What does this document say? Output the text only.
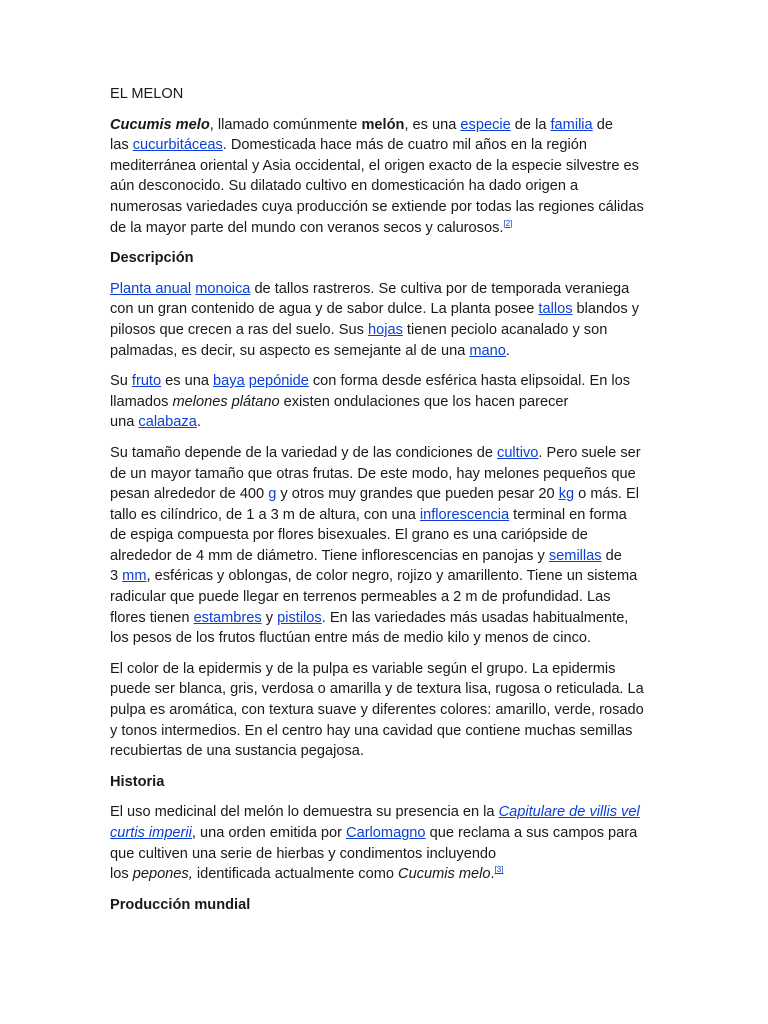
EL MELON
Cucumis melo, llamado comúnmente melón, es una especie de la familia de
las cucurbitáceas. Domesticada hace más de cuatro mil años en la región
mediterránea oriental y Asia occidental, el origen exacto de la especie silvestre es
aún desconocido. Su dilatado cultivo en domesticación ha dado origen a
numerosas variedades cuya producción se extiende por todas las regiones cálidas
de la mayor parte del mundo con veranos secos y calurosos.[2]
Descripción
Planta anual monoica de tallos rastreros. Se cultiva por de temporada veraniega
con un gran contenido de agua y de sabor dulce. La planta posee tallos blandos y
pilosos que crecen a ras del suelo. Sus hojas tienen peciolo acanalado y son
palmadas, es decir, su aspecto es semejante al de una mano.
Su fruto es una baya pepónide con forma desde esférica hasta elipsoidal. En los
llamados melones plátano existen ondulaciones que los hacen parecer
una calabaza.
Su tamaño depende de la variedad y de las condiciones de cultivo. Pero suele ser
de un mayor tamaño que otras frutas. De este modo, hay melones pequeños que
pesan alrededor de 400 g y otros muy grandes que pueden pesar 20 kg o más. El
tallo es cilíndrico, de 1 a 3 m de altura, con una inflorescencia terminal en forma
de espiga compuesta por flores bisexuales. El grano es una cariópside de
alrededor de 4 mm de diámetro. Tiene inflorescencias en panojas y semillas de
3 mm, esféricas y oblongas, de color negro, rojizo y amarillento. Tiene un sistema
radicular que puede llegar en terrenos permeables a 2 m de profundidad. Las
flores tienen estambres y pistilos. En las variedades más usadas habitualmente,
los pesos de los frutos fluctúan entre más de medio kilo y menos de cinco.
El color de la epidermis y de la pulpa es variable según el grupo. La epidermis
puede ser blanca, gris, verdosa o amarilla y de textura lisa, rugosa o reticulada. La
pulpa es aromática, con textura suave y diferentes colores: amarillo, verde, rosado
y tonos intermedios. En el centro hay una cavidad que contiene muchas semillas
recubiertas de una sustancia pegajosa.
Historia
El uso medicinal del melón lo demuestra su presencia en la Capitulare de villis vel
curtis imperii, una orden emitida por Carlomagno que reclama a sus campos para
que cultiven una serie de hierbas y condimentos incluyendo
los pepones, identificada actualmente como Cucumis melo.[3]
Producción mundial
